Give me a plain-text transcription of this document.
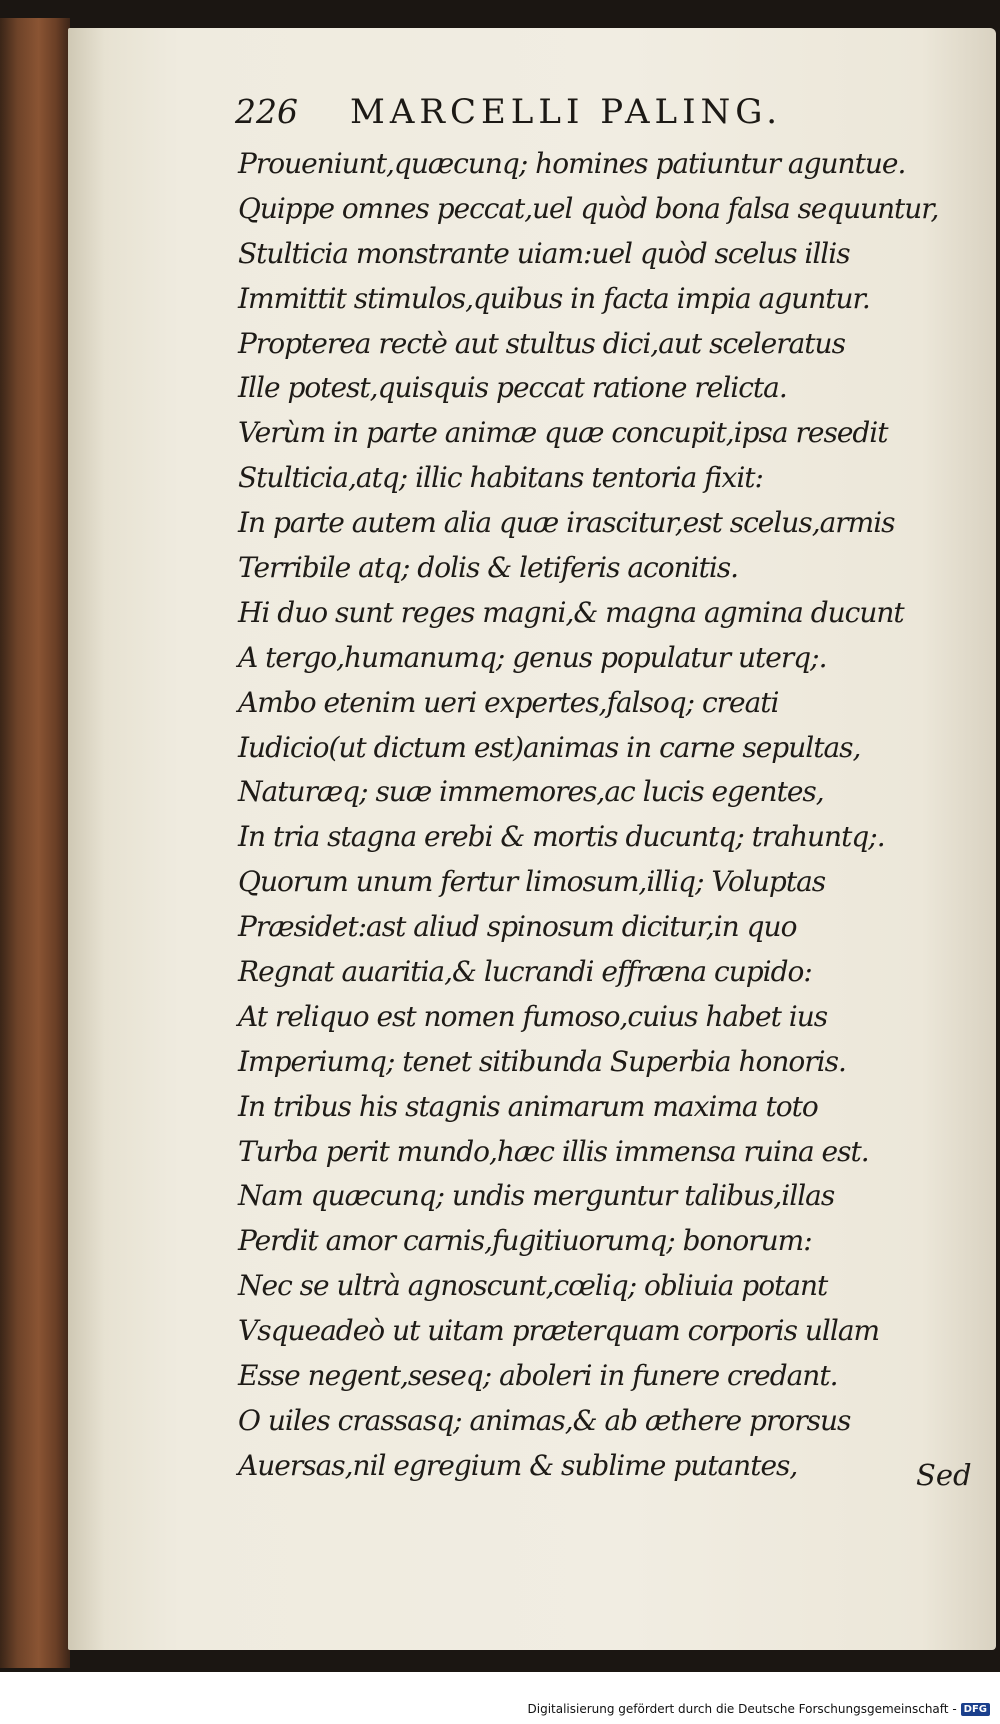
226 MARCELLI PALING.
Proueniunt,quæcunq; homines patiuntur aguntue.
Quippe omnes peccat,uel quòd bona falsa sequuntur,
Stulticia monstrante uiam:uel quòd scelus illis
Immittit stimulos,quibus in facta impia aguntur.
Propterea rectè aut stultus dici,aut sceleratus
Ille potest,quisquis peccat ratione relicta.
Verùm in parte animæ quæ concupit,ipsa resedit
Stulticia,atq; illic habitans tentoria fixit:
In parte autem alia quæ irascitur,est scelus,armis
Terribile atq; dolis & letiferis aconitis.
Hi duo sunt reges magni,& magna agmina ducunt
A tergo,humanumq; genus populatur uterq;.
Ambo etenim ueri expertes,falsoq; creati
Iudicio(ut dictum est)animas in carne sepultas,
Naturæq; suæ immemores,ac lucis egentes,
In tria stagna erebi & mortis ducuntq; trahuntq;.
Quorum unum fertur limosum,illiq; Voluptas
Præsidet:ast aliud spinosum dicitur,in quo
Regnat auaritia,& lucrandi effræna cupido:
At reliquo est nomen fumoso,cuius habet ius
Imperiumq; tenet sitibunda Superbia honoris.
In tribus his stagnis animarum maxima toto
Turba perit mundo,hæc illis immensa ruina est.
Nam quæcunq; undis merguntur talibus,illas
Perdit amor carnis,fugitiuorumq; bonorum:
Nec se ultrà agnoscunt,cœliq; obliuia potant
Vsqueadeò ut uitam præterquam corporis ullam
Esse negent,seseq; aboleri in funere credant.
O uiles crassasq; animas,& ab æthere prorsus
Auersas,nil egregium & sublime putantes,	Sed
Digitalisierung gefördert durch die Deutsche Forschungsgemeinschaft - DFG
